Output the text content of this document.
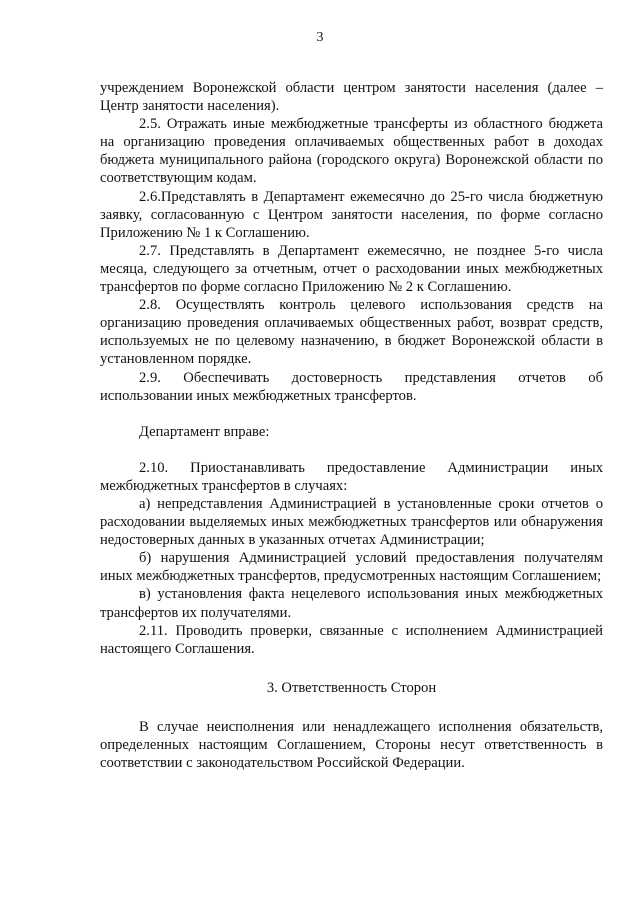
3

учреждением Воронежской области центром занятости населения (далее – Центр занятости населения).

2.5. Отражать иные межбюджетные трансферты из областного бюджета на организацию проведения оплачиваемых общественных работ в доходах бюджета муниципального района (городского округа) Воронежской области по соответствующим кодам.

2.6.Представлять в Департамент ежемесячно до 25-го числа бюджетную заявку, согласованную с Центром занятости населения, по форме согласно Приложению № 1 к Соглашению.

2.7. Представлять в Департамент ежемесячно, не позднее 5-го числа месяца, следующего за отчетным, отчет о расходовании иных межбюджетных трансфертов по форме согласно Приложению № 2 к Соглашению.

2.8. Осуществлять контроль целевого использования средств на организацию проведения оплачиваемых общественных работ, возврат средств, используемых не по целевому назначению, в бюджет Воронежской области в установленном порядке.

2.9. Обеспечивать достоверность представления отчетов об использовании иных межбюджетных трансфертов.

Департамент вправе:

2.10. Приостанавливать предоставление Администрации иных межбюджетных трансфертов в случаях:

а) непредставления Администрацией в установленные сроки отчетов о расходовании выделяемых иных межбюджетных трансфертов или обнаружения недостоверных данных в указанных отчетах Администрации;

б) нарушения Администрацией условий предоставления получателям иных межбюджетных трансфертов, предусмотренных настоящим Соглашением;

в) установления факта нецелевого использования иных межбюджетных трансфертов их получателями.

2.11. Проводить проверки, связанные с исполнением Администрацией настоящего Соглашения.

3. Ответственность Сторон

В случае неисполнения или ненадлежащего исполнения обязательств, определенных настоящим Соглашением, Стороны несут ответственность в соответствии с законодательством Российской Федерации.
